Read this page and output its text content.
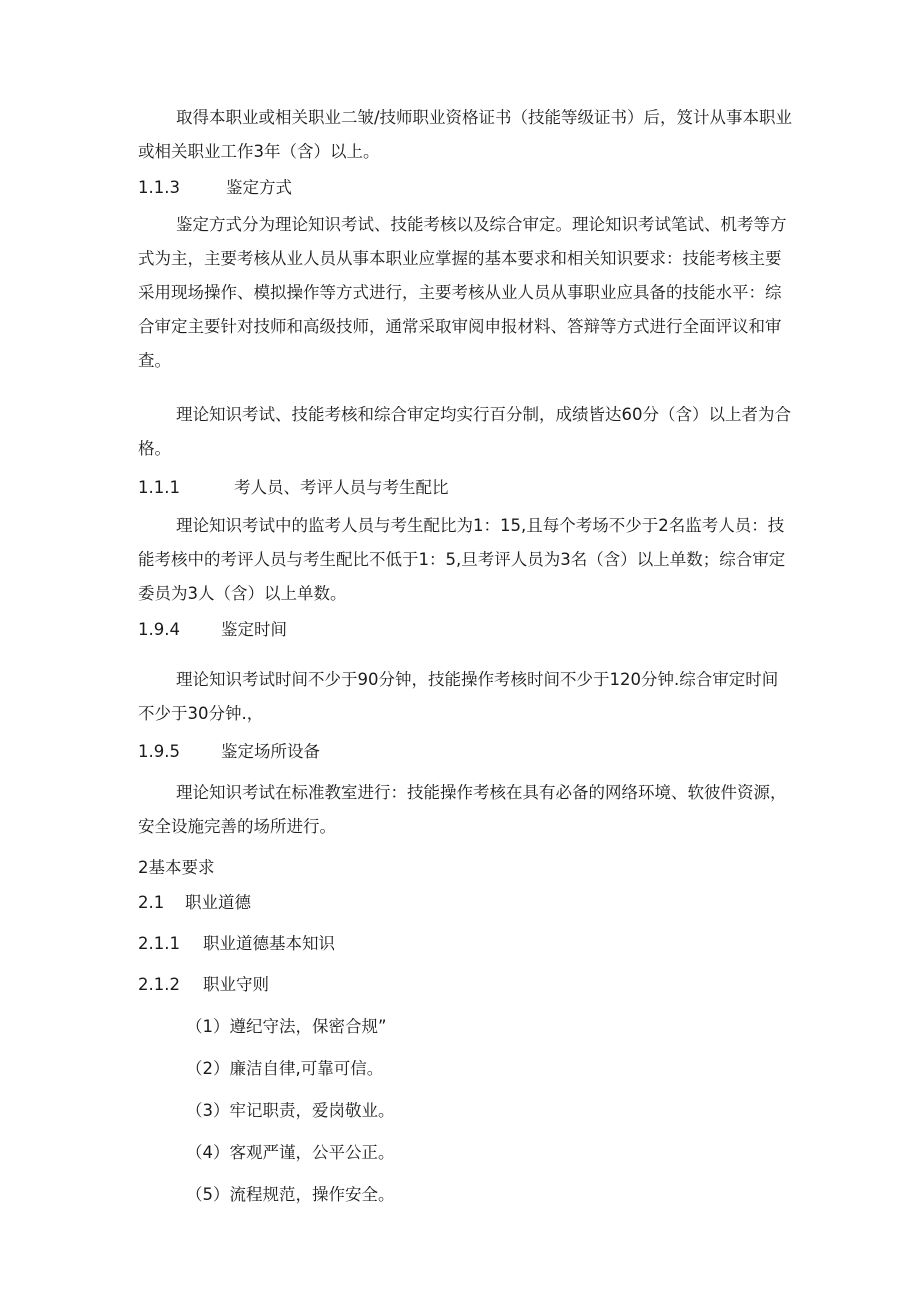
取得本职业或相关职业二皱/技师职业资格证书（技能等级证书）后，笈计从事本职业或相关职业工作3年（含）以上。

1.1.3	鉴定方式

鉴定方式分为理论知识考试、技能考核以及综合审定。理论知识考试笔试、机考等方式为主，主要考核从业人员从事本职业应掌握的基本要求和相关知识要求：技能考核主要采用现场操作、模拟操作等方式进行，主要考核从业人员从事职业应具备的技能水平：综合审定主要针对技师和高级技师，通常采取审阅申报材料、答辩等方式进行全面评议和审查。

理论知识考试、技能考核和综合审定均实行百分制，成绩皆达60分（含）以上者为合格。

1.1.1	考人员、考评人员与考生配比

理论知识考试中的监考人员与考生配比为1：15,且每个考场不少于2名监考人员：技能考核中的考评人员与考生配比不低于1：5,旦考评人员为3名（含）以上单数；综合审定委员为3人（含）以上单数。

1.9.4 鉴定时间

理论知识考试时间不少于90分钟，技能操作考核时间不少于120分钟.综合审定时间不少于30分钟.，

1.9.5 鉴定场所设备

理论知识考试在标准教室进行：技能操作考核在具有必备的网络环境、软彼件资源，安全设施完善的场所进行。

2基本要求
2.1 职业道德
2.1.1 职业道德基本知识
2.1.2 职业守则
（1）遵纪守法，保密合规”
（2）廉洁自律,可靠可信。
（3）牢记职责，爱岗敬业。
（4）客观严谨，公平公正。
（5）流程规范，操作安全。
